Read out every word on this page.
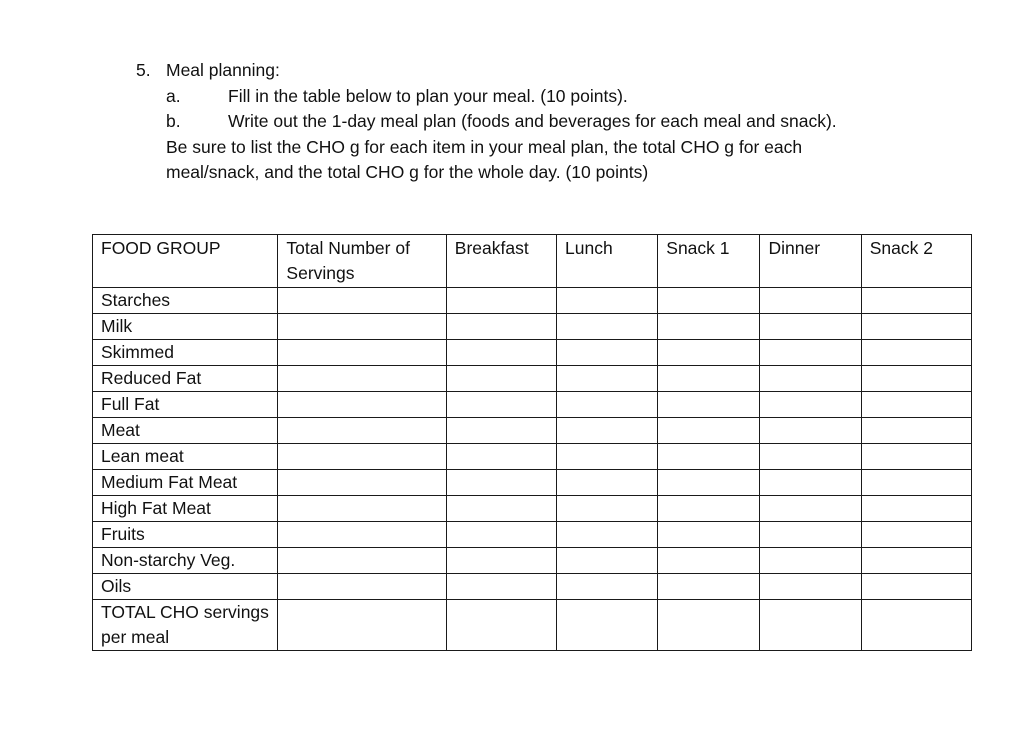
5. Meal planning:
a.	Fill in the table below to plan your meal. (10 points).
b.	Write out the 1-day meal plan (foods and beverages for each meal and snack).
Be sure to list the CHO g for each item in your meal plan, the total CHO g for each
meal/snack, and the total CHO g for the whole day. (10 points)
FOOD GROUP	Total Number of Servings	Breakfast	Lunch	Snack 1	Dinner	Snack 2
Starches						
Milk						
Skimmed						
Reduced Fat						
Full Fat						
Meat						
Lean meat						
Medium Fat Meat						
High Fat Meat						
Fruits						
Non-starchy Veg.						
Oils						
TOTAL CHO servings per meal						
